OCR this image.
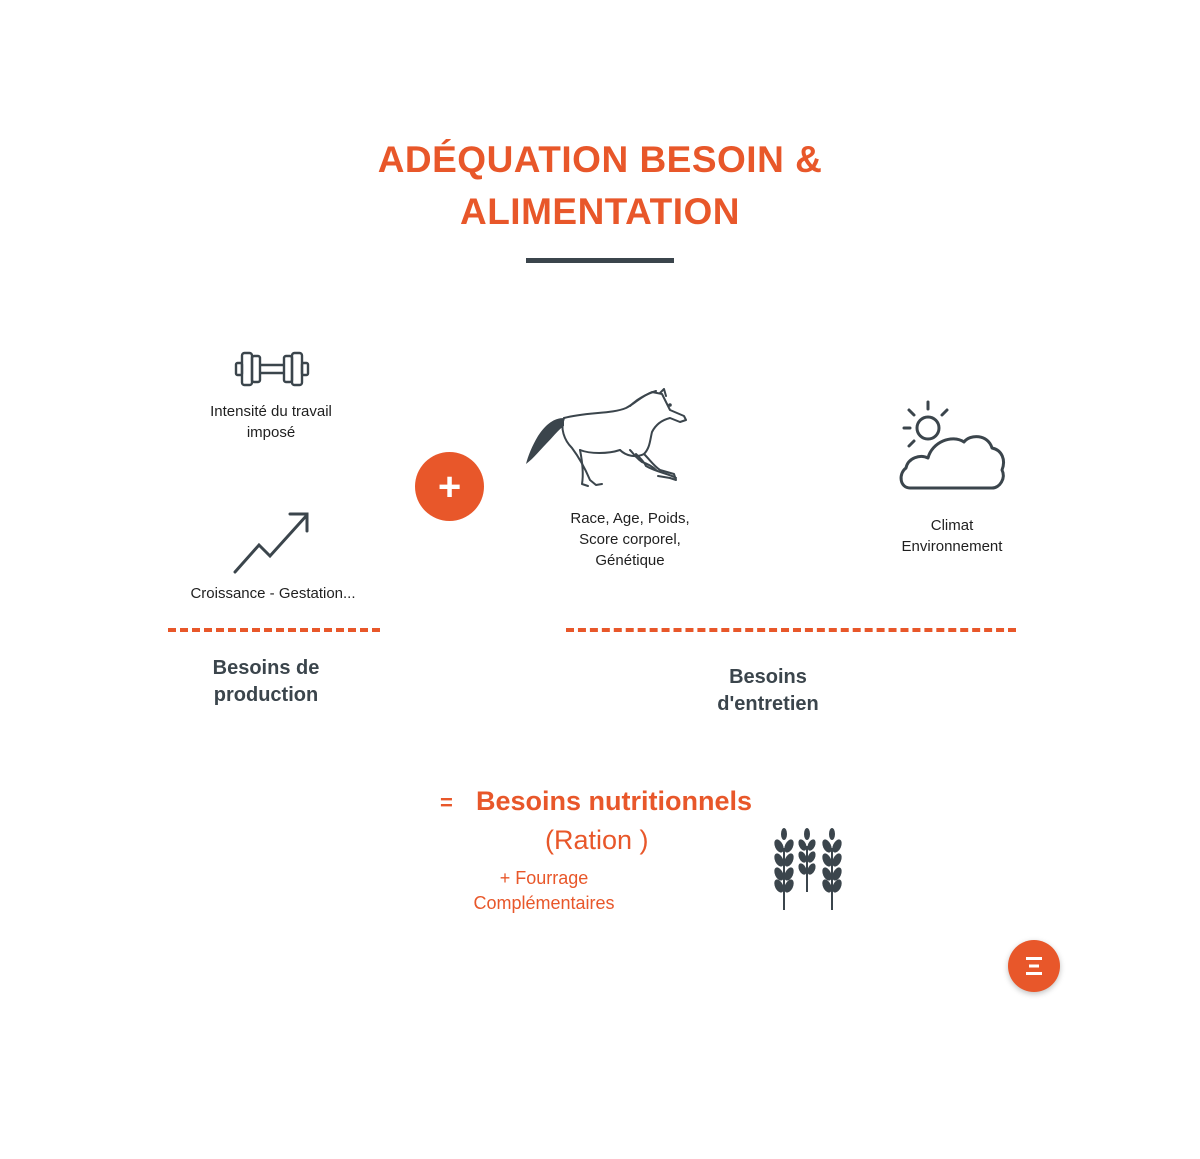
ADÉQUATION BESOIN &
ALIMENTATION
Intensité du travail
imposé
Croissance - Gestation...
Besoins de
production
+
Race, Age, Poids,
Score corporel,
Génétique
Climat
Environnement
Besoins
d'entretien
= Besoins nutritionnels
(Ration )
+ Fourrage
Complémentaires
